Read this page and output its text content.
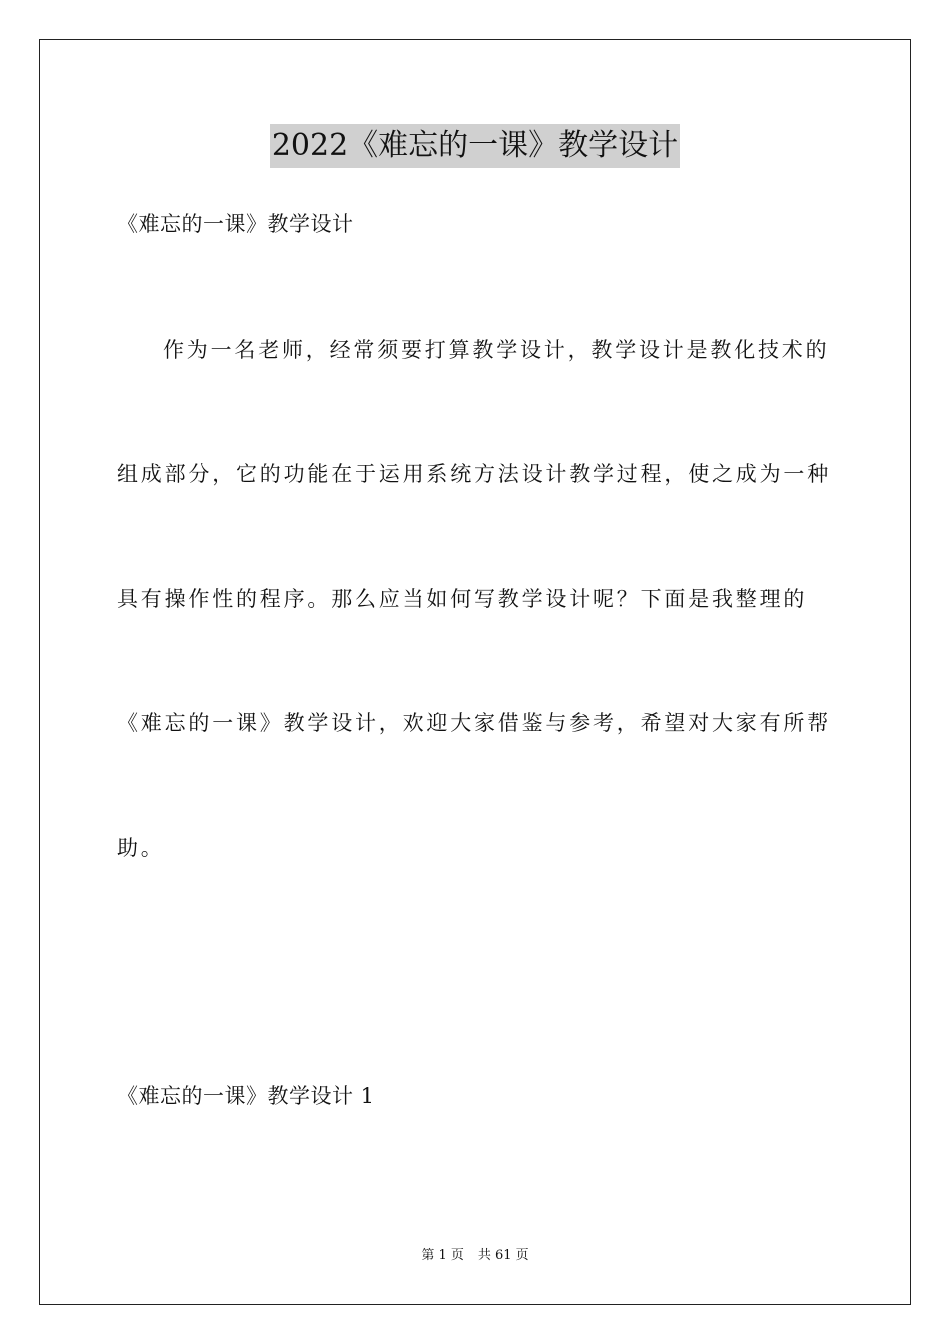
2022《难忘的一课》教学设计
《难忘的一课》教学设计
作为一名老师，经常须要打算教学设计，教学设计是教化技术的
组成部分，它的功能在于运用系统方法设计教学过程，使之成为一种
具有操作性的程序。那么应当如何写教学设计呢？下面是我整理的
《难忘的一课》教学设计，欢迎大家借鉴与参考，希望对大家有所帮
助。
《难忘的一课》教学设计 1
第 1 页 共 61 页
